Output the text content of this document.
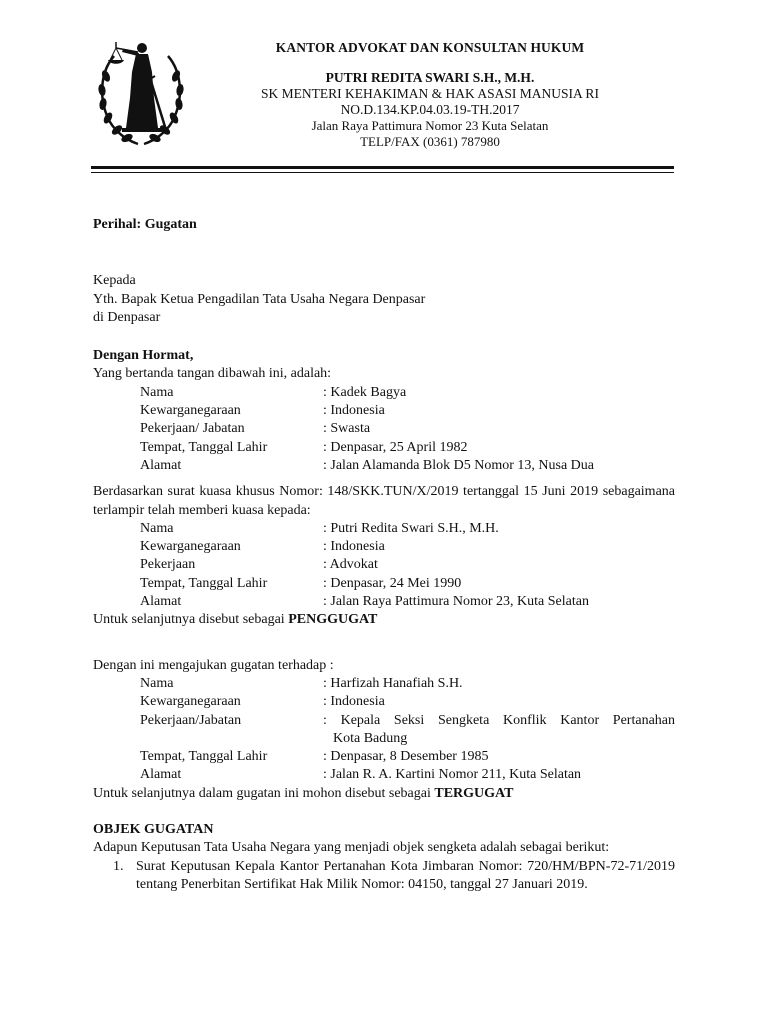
KANTOR ADVOKAT DAN KONSULTAN HUKUM
PUTRI REDITA SWARI S.H., M.H.
SK MENTERI KEHAKIMAN & HAK ASASI MANUSIA RI
NO.D.134.KP.04.03.19-TH.2017
Jalan Raya Pattimura Nomor 23 Kuta Selatan
TELP/FAX (0361) 787980

Perihal: Gugatan

Kepada

Yth. Bapak Ketua Pengadilan Tata Usaha Negara Denpasar

di Denpasar

Dengan Hormat,

Yang bertanda tangan dibawah ini, adalah:

Nama	: Kadek Bagya
Kewarganegaraan	: Indonesia
Pekerjaan/ Jabatan	: Swasta
Tempat, Tanggal Lahir	: Denpasar, 25 April 1982
Alamat	: Jalan Alamanda Blok D5 Nomor 13, Nusa Dua

Berdasarkan surat kuasa khusus Nomor: 148/SKK.TUN/X/2019 tertanggal 15 Juni 2019 sebagaimana terlampir telah memberi kuasa kepada:

Nama	: Putri Redita Swari S.H., M.H.
Kewarganegaraan	: Indonesia
Pekerjaan	: Advokat
Tempat, Tanggal Lahir	: Denpasar, 24 Mei 1990
Alamat	: Jalan Raya Pattimura Nomor 23, Kuta Selatan

Untuk selanjutnya disebut sebagai PENGGUGAT

Dengan ini mengajukan gugatan terhadap :

Nama	: Harfizah Hanafiah S.H.
Kewarganegaraan	: Indonesia
Pekerjaan/Jabatan	: Kepala Seksi Sengketa Konflik Kantor Pertanahan
Kota Badung
Tempat, Tanggal Lahir	: Denpasar, 8 Desember 1985
Alamat	: Jalan R. A. Kartini Nomor 211, Kuta Selatan

Untuk selanjutnya dalam gugatan ini mohon disebut sebagai TERGUGAT

OBJEK GUGATAN

Adapun Keputusan Tata Usaha Negara yang menjadi objek sengketa adalah sebagai berikut:

1. Surat Keputusan Kepala Kantor Pertanahan Kota Jimbaran Nomor: 720/HM/BPN-72-71/2019 tentang Penerbitan Sertifikat Hak Milik Nomor: 04150, tanggal 27 Januari 2019.
